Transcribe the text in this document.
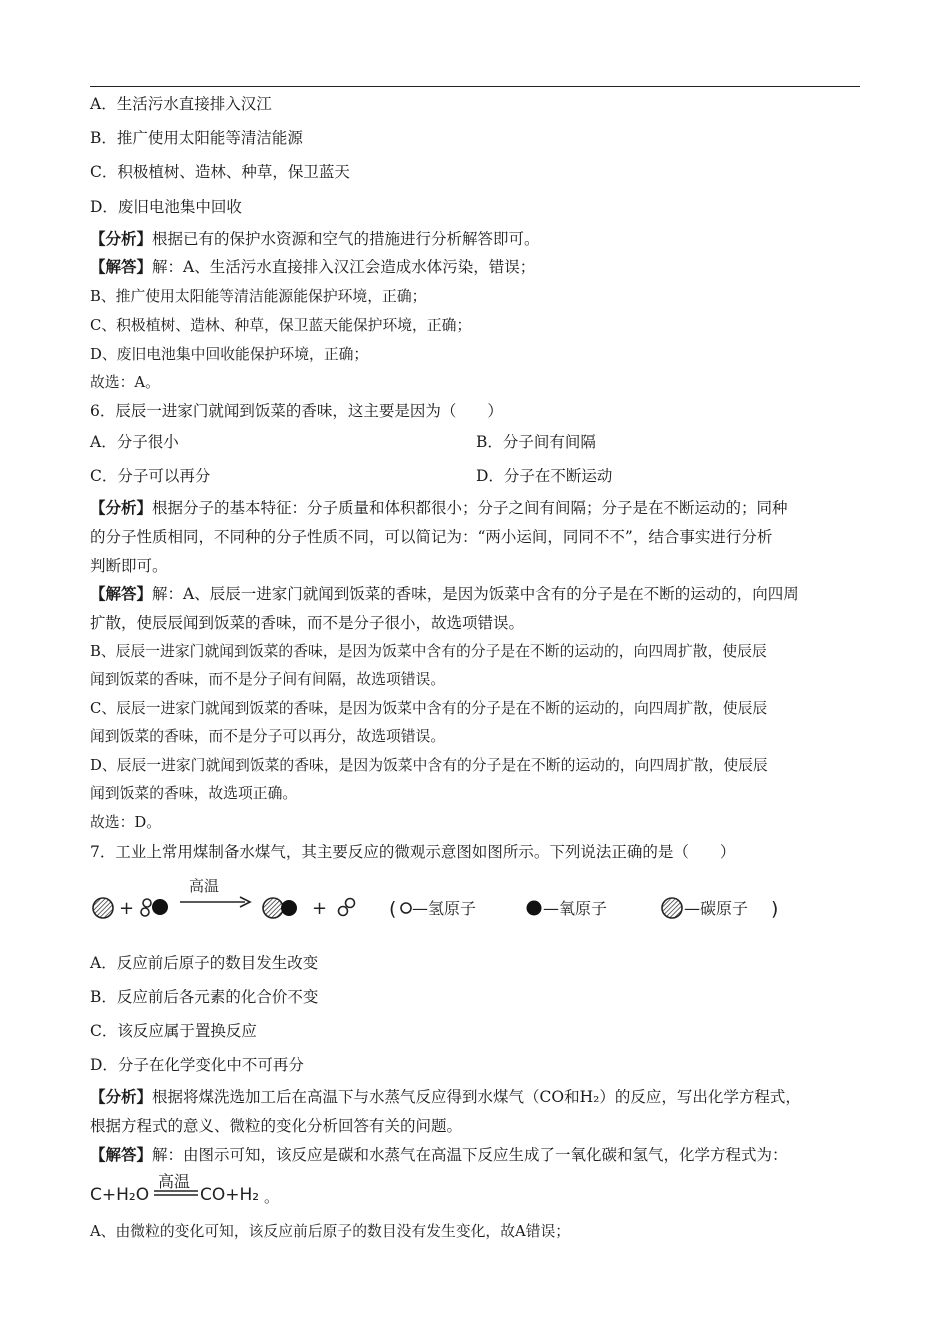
A．生活污水直接排入汉江
B．推广使用太阳能等清洁能源
C．积极植树、造林、种草，保卫蓝天
D．废旧电池集中回收
【分析】根据已有的保护水资源和空气的措施进行分析解答即可。
【解答】解：A、生活污水直接排入汉江会造成水体污染，错误；
B、推广使用太阳能等清洁能源能保护环境，正确；
C、积极植树、造林、种草，保卫蓝天能保护环境，正确；
D、废旧电池集中回收能保护环境，正确；
故选：A。
6．辰辰一进家门就闻到饭菜的香味，这主要是因为（　　）
A．分子很小	B．分子间有间隔
C．分子可以再分	D．分子在不断运动
【分析】根据分子的基本特征：分子质量和体积都很小；分子之间有间隔；分子是在不断运动的；同种
的分子性质相同，不同种的分子性质不同，可以简记为：“两小运间，同同不不”，结合事实进行分析
判断即可。
【解答】解：A、辰辰一进家门就闻到饭菜的香味，是因为饭菜中含有的分子是在不断的运动的，向四周
扩散，使辰辰闻到饭菜的香味，而不是分子很小，故选项错误。
B、辰辰一进家门就闻到饭菜的香味，是因为饭菜中含有的分子是在不断的运动的，向四周扩散，使辰辰
闻到饭菜的香味，而不是分子间有间隔，故选项错误。
C、辰辰一进家门就闻到饭菜的香味，是因为饭菜中含有的分子是在不断的运动的，向四周扩散，使辰辰
闻到饭菜的香味，而不是分子可以再分，故选项错误。
D、辰辰一进家门就闻到饭菜的香味，是因为饭菜中含有的分子是在不断的运动的，向四周扩散，使辰辰
闻到饭菜的香味，故选项正确。
故选：D。
7．工业上常用煤制备水煤气，其主要反应的微观示意图如图所示。下列说法正确的是（　　）
+
高温
+	( —氢原子	—氧原子	—碳原子 )
A．反应前后原子的数目发生改变
B．反应前后各元素的化合价不变
C．该反应属于置换反应
D．分子在化学变化中不可再分
【分析】根据将煤洗选加工后在高温下与水蒸气反应得到水煤气（CO和H₂）的反应，写出化学方程式，
根据方程式的意义、微粒的变化分析回答有关的问题。
【解答】解：由图示可知，该反应是碳和水蒸气在高温下反应生成了一氧化碳和氢气，化学方程式为：
C+H₂O
高温
CO+H₂ 。
A、由微粒的变化可知，该反应前后原子的数目没有发生变化，故A错误；
